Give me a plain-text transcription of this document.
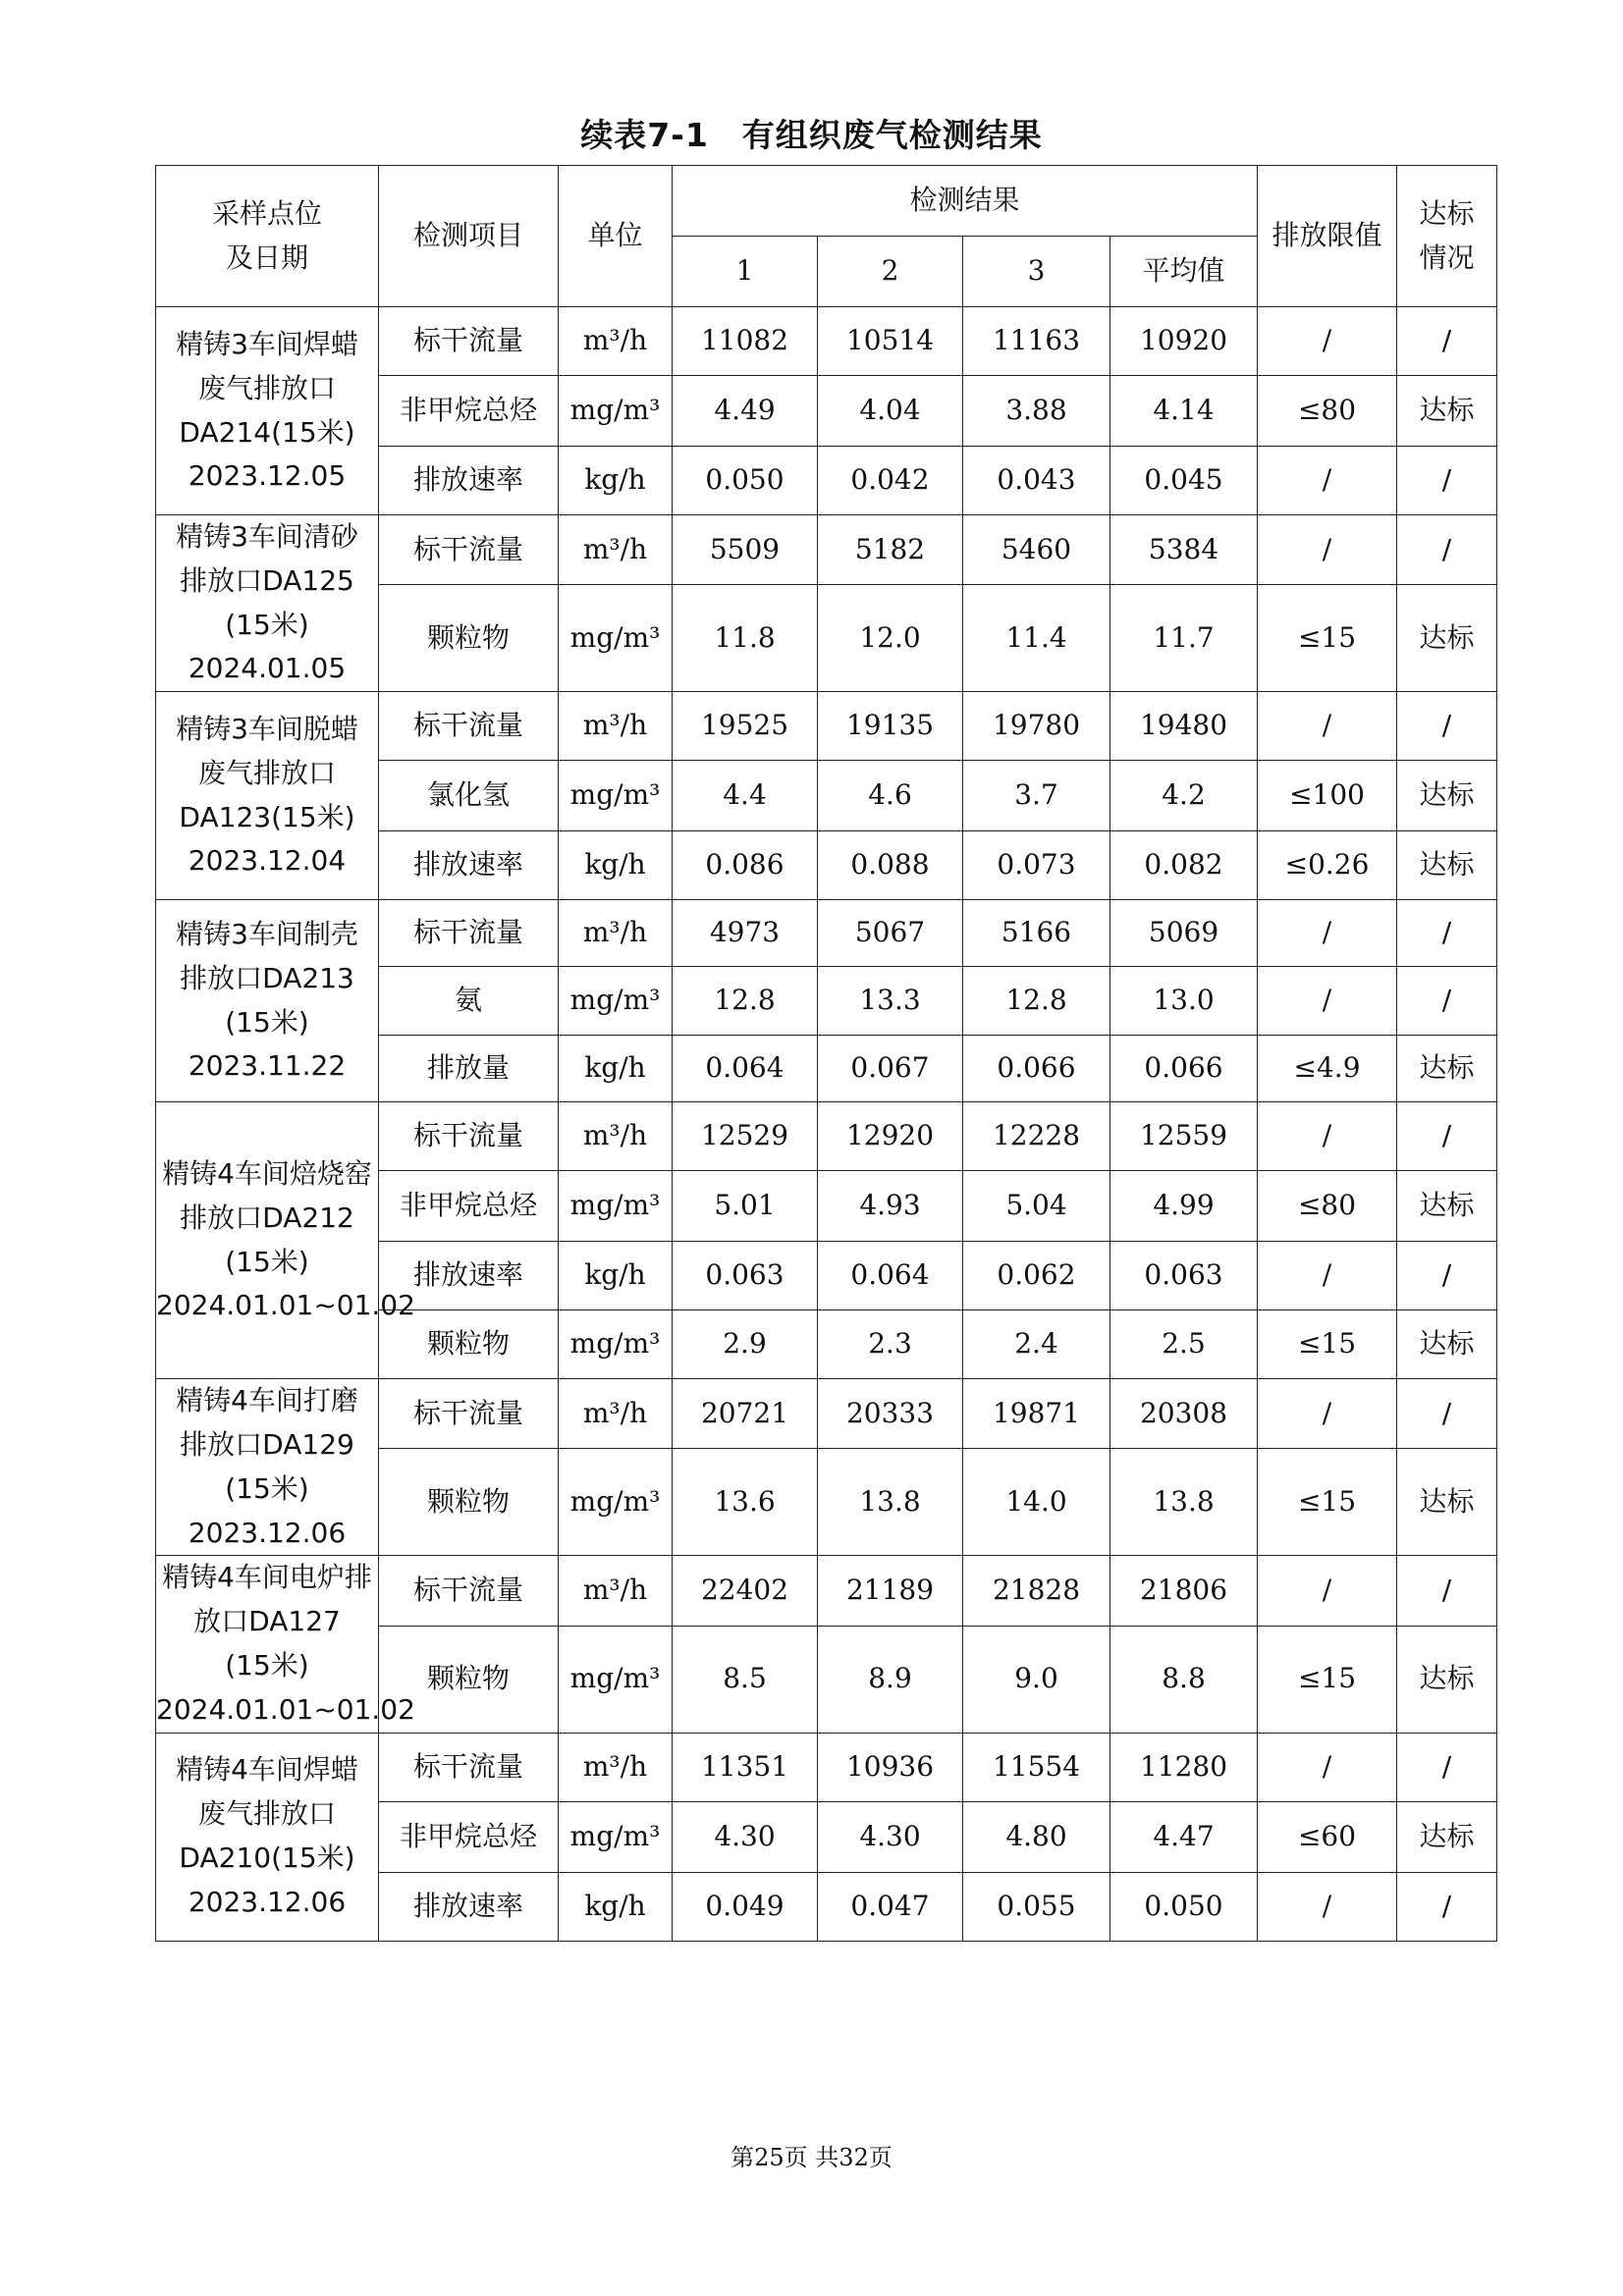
续表7-1　有组织废气检测结果
采样点位
及日期	检测项目	单位	检测结果				排放限值	达标
情况

			1	2	3	平均值		

精铸3车间焊蜡
废气排放口
DA214(15米)
2023.12.05	标干流量	m³/h	11082	10514	11163	10920	/	/
	非甲烷总烃	mg/m³	4.49	4.04	3.88	4.14	≤80	达标
	排放速率	kg/h	0.050	0.042	0.043	0.045	/	/

精铸3车间清砂
排放口DA125
(15米)
2024.01.05	标干流量	m³/h	5509	5182	5460	5384	/	/
	颗粒物	mg/m³	11.8	12.0	11.4	11.7	≤15	达标

精铸3车间脱蜡
废气排放口
DA123(15米)
2023.12.04	标干流量	m³/h	19525	19135	19780	19480	/	/
	氯化氢	mg/m³	4.4	4.6	3.7	4.2	≤100	达标
	排放速率	kg/h	0.086	0.088	0.073	0.082	≤0.26	达标

精铸3车间制壳
排放口DA213
(15米)
2023.11.22	标干流量	m³/h	4973	5067	5166	5069	/	/
	氨	mg/m³	12.8	13.3	12.8	13.0	/	/
	排放量	kg/h	0.064	0.067	0.066	0.066	≤4.9	达标

精铸4车间焙烧窑
排放口DA212
(15米)
2024.01.01~01.02	标干流量	m³/h	12529	12920	12228	12559	/	/
	非甲烷总烃	mg/m³	5.01	4.93	5.04	4.99	≤80	达标
	排放速率	kg/h	0.063	0.064	0.062	0.063	/	/
	颗粒物	mg/m³	2.9	2.3	2.4	2.5	≤15	达标

精铸4车间打磨
排放口DA129
(15米)
2023.12.06	标干流量	m³/h	20721	20333	19871	20308	/	/
	颗粒物	mg/m³	13.6	13.8	14.0	13.8	≤15	达标

精铸4车间电炉排
放口DA127
(15米)
2024.01.01~01.02	标干流量	m³/h	22402	21189	21828	21806	/	/
	颗粒物	mg/m³	8.5	8.9	9.0	8.8	≤15	达标

精铸4车间焊蜡
废气排放口
DA210(15米)
2023.12.06	标干流量	m³/h	11351	10936	11554	11280	/	/
	非甲烷总烃	mg/m³	4.30	4.30	4.80	4.47	≤60	达标
	排放速率	kg/h	0.049	0.047	0.055	0.050	/	/
第25页 共32页
